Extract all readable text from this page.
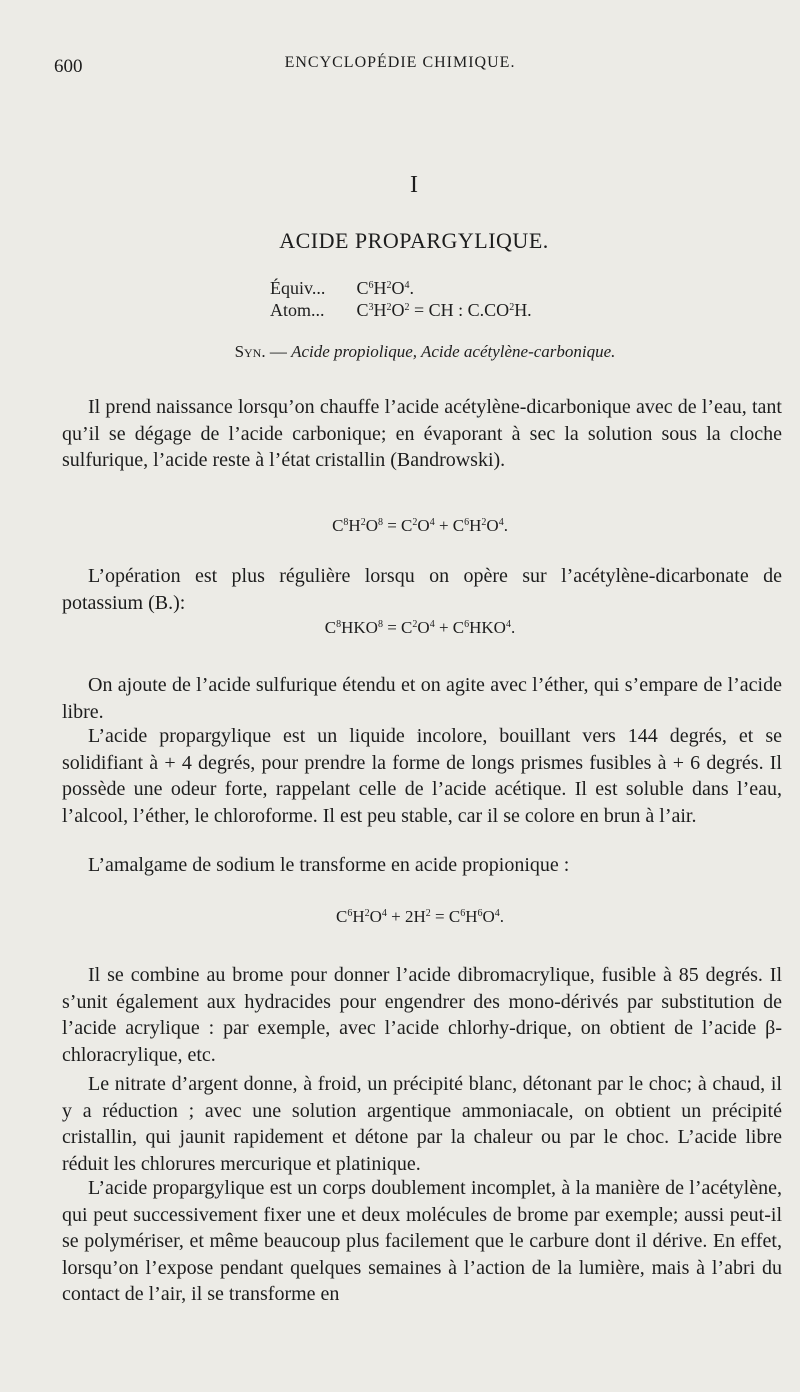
600	ENCYCLOPÉDIE CHIMIQUE.
I
ACIDE PROPARGYLIQUE.
Équiv... $C^6H^2O^4$.
Atom... $C^3H^2O^2$ = CH : $C.CO^2H$.
Syn. — Acide propiolique, Acide acétylène-carbonique.

Il prend naissance lorsqu’on chauffe l’acide acétylène-dicarbonique avec de l’eau, tant qu’il se dégage de l’acide carbonique; en évaporant à sec la solution sous la cloche sulfurique, l’acide reste à l’état cristallin (Bandrowski).

$C^8H^2O^8 = C^2O^4 + C^6H^2O^4$.

L’opération est plus régulière lorsqu on opère sur l’acétylène-dicarbonate de potassium (B.):

$C^8HKO^8 = C^2O^4 + C^6HKO^4$.

On ajoute de l’acide sulfurique étendu et on agite avec l’éther, qui s’empare de l’acide libre.

L’acide propargylique est un liquide incolore, bouillant vers 144 degrés, et se solidifiant à + 4 degrés, pour prendre la forme de longs prismes fusibles à + 6 degrés. Il possède une odeur forte, rappelant celle de l’acide acétique. Il est soluble dans l’eau, l’alcool, l’éther, le chloroforme. Il est peu stable, car il se colore en brun à l’air.

L’amalgame de sodium le transforme en acide propionique :

$C^6H^2O^4 + 2H^2 = C^6H^6O^4$.

Il se combine au brome pour donner l’acide dibromacrylique, fusible à 85 degrés. Il s’unit également aux hydracides pour engendrer des mono-dérivés par substitution de l’acide acrylique : par exemple, avec l’acide chlorhy-drique, on obtient de l’acide β-chloracrylique, etc.

Le nitrate d’argent donne, à froid, un précipité blanc, détonant par le choc; à chaud, il y a réduction ; avec une solution argentique ammoniacale, on obtient un précipité cristallin, qui jaunit rapidement et détone par la chaleur ou par le choc. L’acide libre réduit les chlorures mercurique et platinique.

L’acide propargylique est un corps doublement incomplet, à la manière de l’acétylène, qui peut successivement fixer une et deux molécules de brome par exemple; aussi peut-il se polymériser, et même beaucoup plus facilement que le carbure dont il dérive. En effet, lorsqu’on l’expose pendant quelques semaines à l’action de la lumière, mais à l’abri du contact de l’air, il se transforme en
